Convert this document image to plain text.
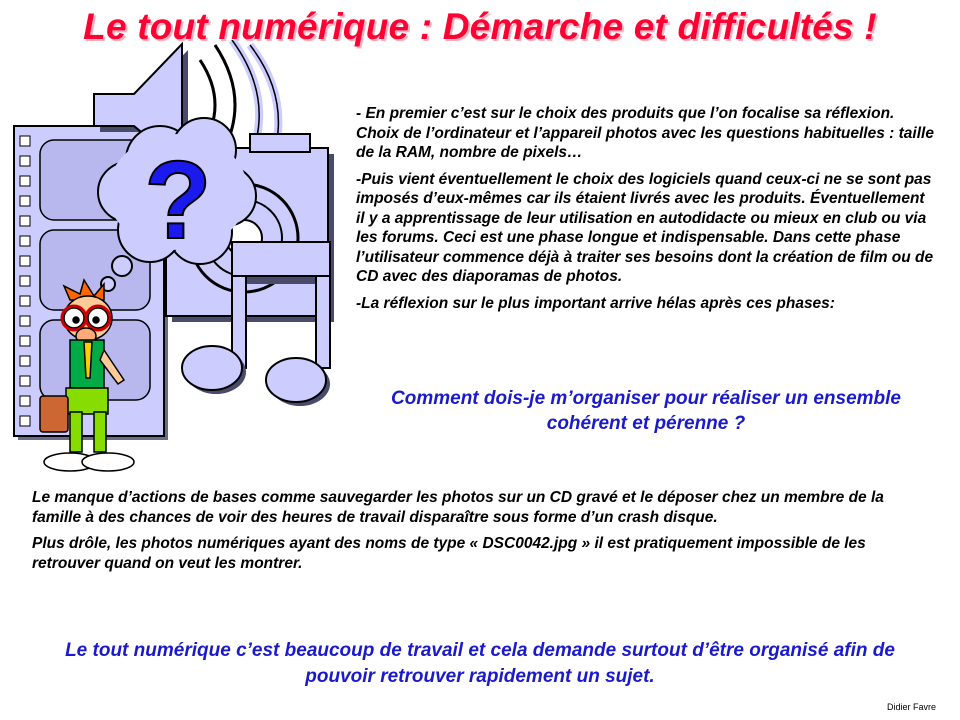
Le tout numérique : Démarche et difficultés !
?

- En premier c’est sur le choix des produits que l’on focalise sa réflexion. Choix de l’ordinateur et l’appareil photos avec les questions habituelles : taille de la RAM, nombre de pixels…

-Puis vient éventuellement le choix des logiciels quand ceux-ci ne se sont pas imposés d’eux-mêmes car ils étaient livrés avec les produits. Éventuellement il y a apprentissage de leur utilisation en autodidacte ou mieux en club ou via les forums. Ceci est une phase longue et indispensable. Dans cette phase l’utilisateur commence déjà à traiter ses besoins dont la création de film ou de CD avec des diaporamas de photos.

-La réflexion sur le plus important arrive hélas après ces phases:

Comment dois-je m’organiser pour réaliser un ensemble cohérent et pérenne ?

Le manque d’actions de bases comme sauvegarder les photos sur un CD gravé et le déposer chez un membre de la famille à des chances de voir des heures de travail disparaître sous forme d’un crash disque.

Plus drôle, les photos numériques ayant des noms de type « DSC0042.jpg » il est pratiquement impossible de les retrouver quand on veut les montrer.

Le tout numérique c’est beaucoup de travail et cela demande surtout d’être organisé afin de pouvoir retrouver rapidement un sujet.

Didier Favre
